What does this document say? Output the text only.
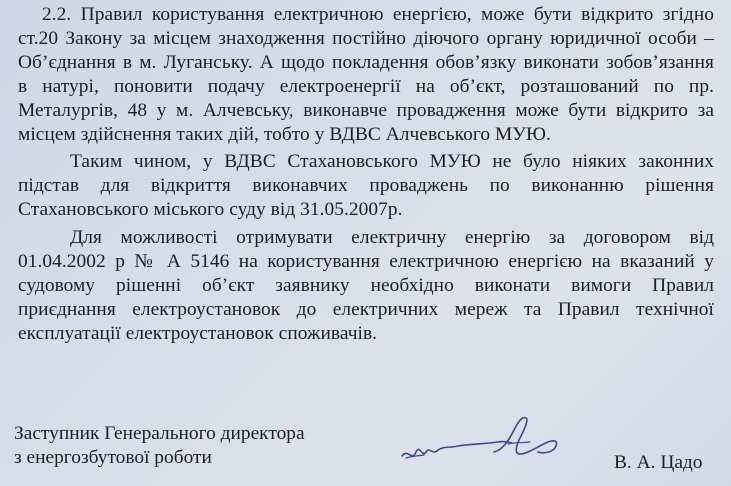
2.2. Правил користування електричною енергією, може бути відкрито згідно
ст.20 Закону за місцем знаходження постійно діючого органу юридичної особи –
Об’єднання в м. Луганську. А щодо покладення обов’язку виконати зобов’язання
в натурі, поновити подачу електроенергії на об’єкт, розташований по пр.
Металургів, 48 у м. Алчевську, виконавче провадження може бути відкрито за
місцем здійснення таких дій, тобто у ВДВС Алчевського МУЮ.
Таким чином, у ВДВС Стахановського МУЮ не було ніяких законних
підстав для відкриття виконавчих проваджень по виконанню рішення
Стахановського міського суду від 31.05.2007р.
Для можливості отримувати електричну енергію за договором від
01.04.2002 р № А 5146 на користування електричною енергією на вказаний у
судовому рішенні об’єкт заявнику необхідно виконати вимоги Правил
приєднання електроустановок до електричних мереж та Правил технічної
експлуатації електроустановок споживачів.
Заступник Генерального директора
з енергозбутової роботи	В. А. Цадо
